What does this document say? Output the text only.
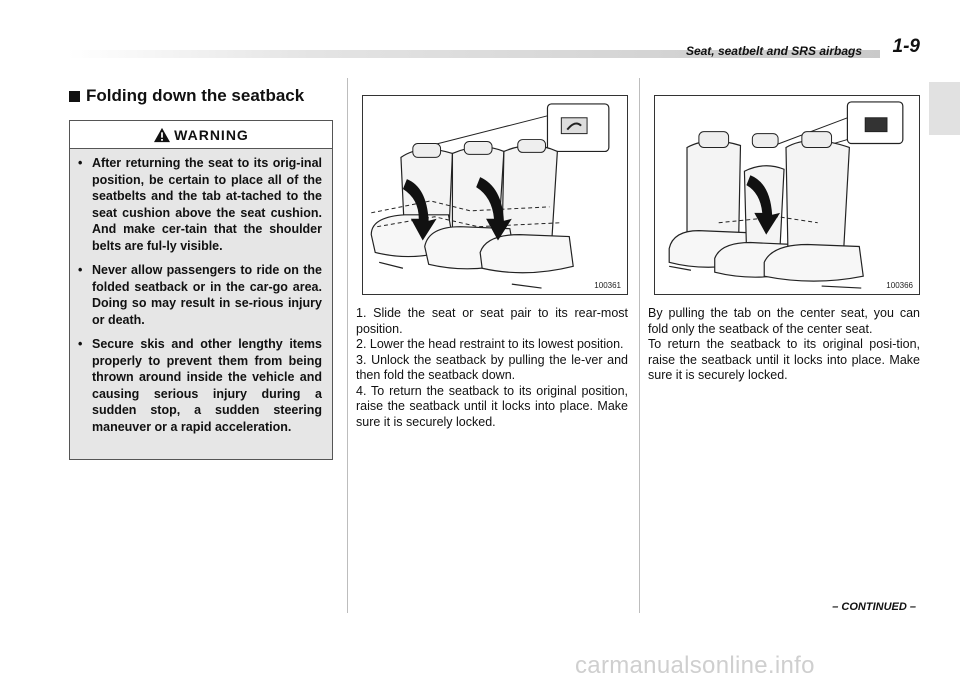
Seat, seatbelt and SRS airbags 1-9
Folding down the seatback
WARNING
• After returning the seat to its orig-inal position, be certain to place all of the seatbelts and the tab at-tached to the seat cushion above the seat cushion. And make cer-tain that the shoulder belts are ful-ly visible.
• Never allow passengers to ride on the folded seatback or in the car-go area. Doing so may result in se-rious injury or death.
• Secure skis and other lengthy items properly to prevent them from being thrown around inside the vehicle and causing serious injury during a sudden stop, a sudden steering maneuver or a rapid acceleration.
100361	100366

1. Slide the seat or seat pair to its rear-most position.

2. Lower the head restraint to its lowest position.

3. Unlock the seatback by pulling the le-ver and then fold the seatback down.

4. To return the seatback to its original position, raise the seatback until it locks into place. Make sure it is securely locked.

By pulling the tab on the center seat, you can fold only the seatback of the center seat.

To return the seatback to its original posi-tion, raise the seatback until it locks into place. Make sure it is securely locked.

– CONTINUED –
carmanualsonline.info
